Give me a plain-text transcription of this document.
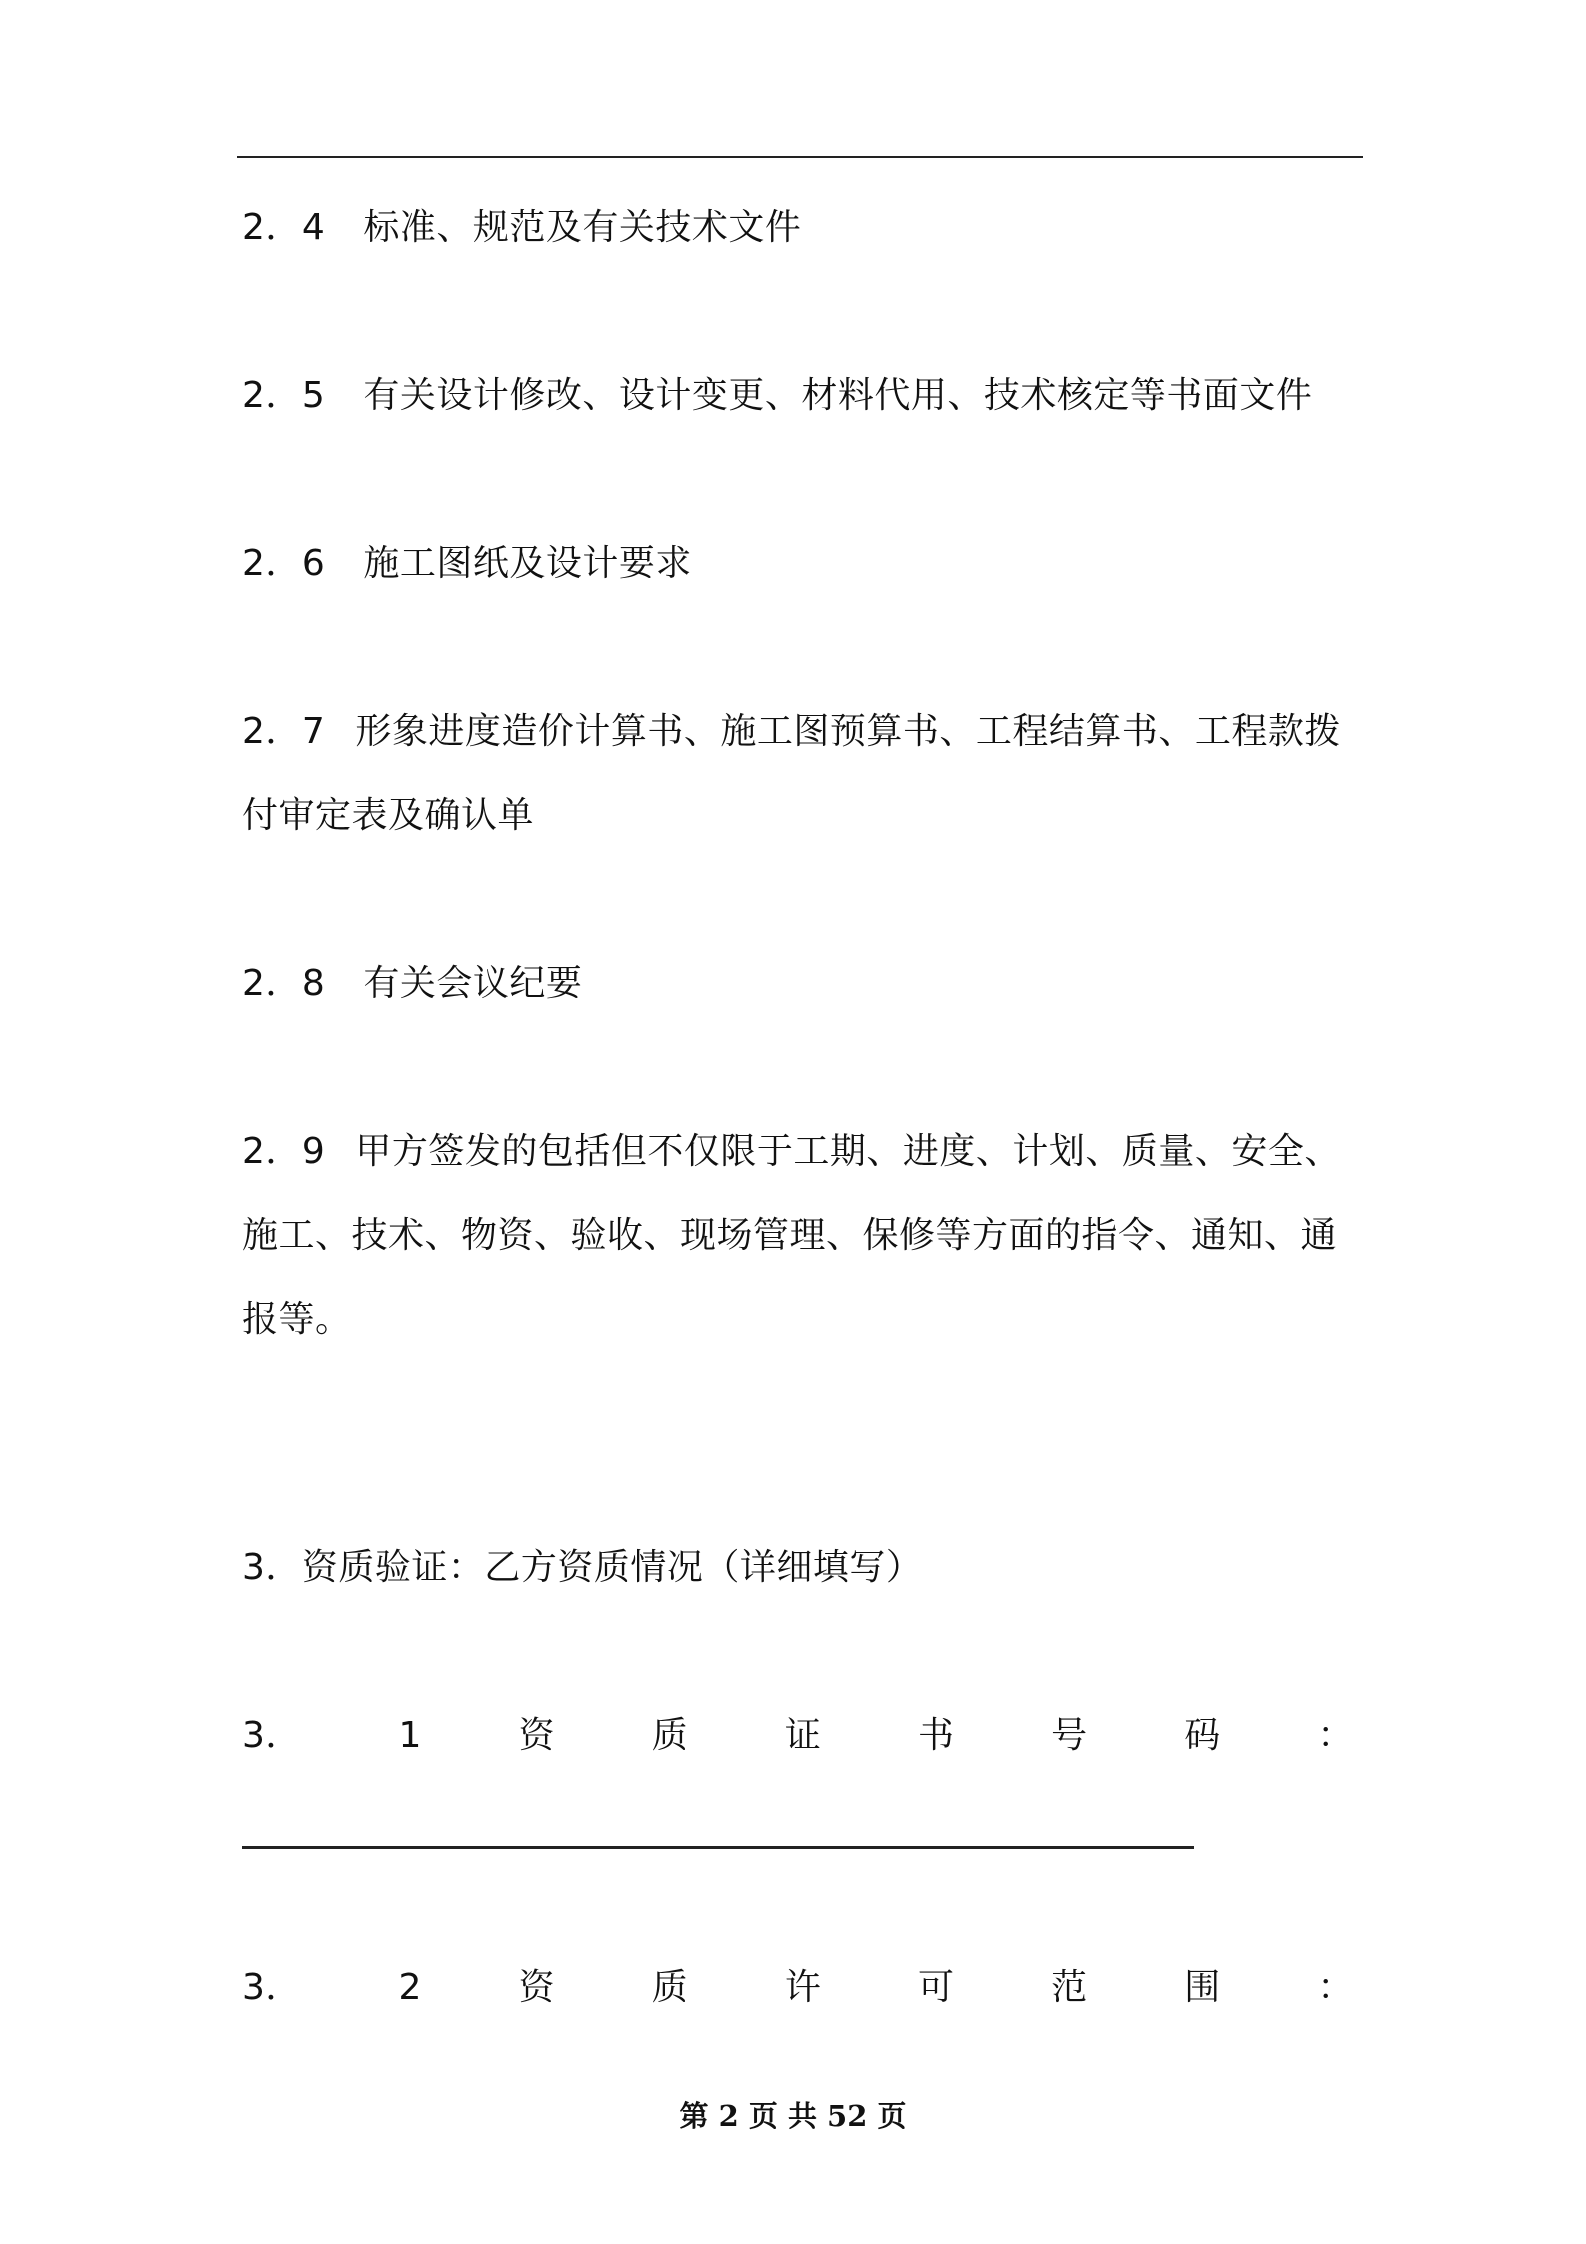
2．4 标准、规范及有关技术文件
2．5 有关设计修改、设计变更、材料代用、技术核定等书面文件
2．6 施工图纸及设计要求
2．7 形象进度造价计算书、施工图预算书、工程结算书、工程款拨
付审定表及确认单
2．8 有关会议纪要
2．9 甲方签发的包括但不仅限于工期、进度、计划、质量、安全、
施工、技术、物资、验收、现场管理、保修等方面的指令、通知、通
报等。
3．资质验证：乙方资质情况（详细填写）
3．	1	资	质	证	书	号	码	：
3．	2	资	质	许	可	范	围	：
第 2 页 共 52 页
